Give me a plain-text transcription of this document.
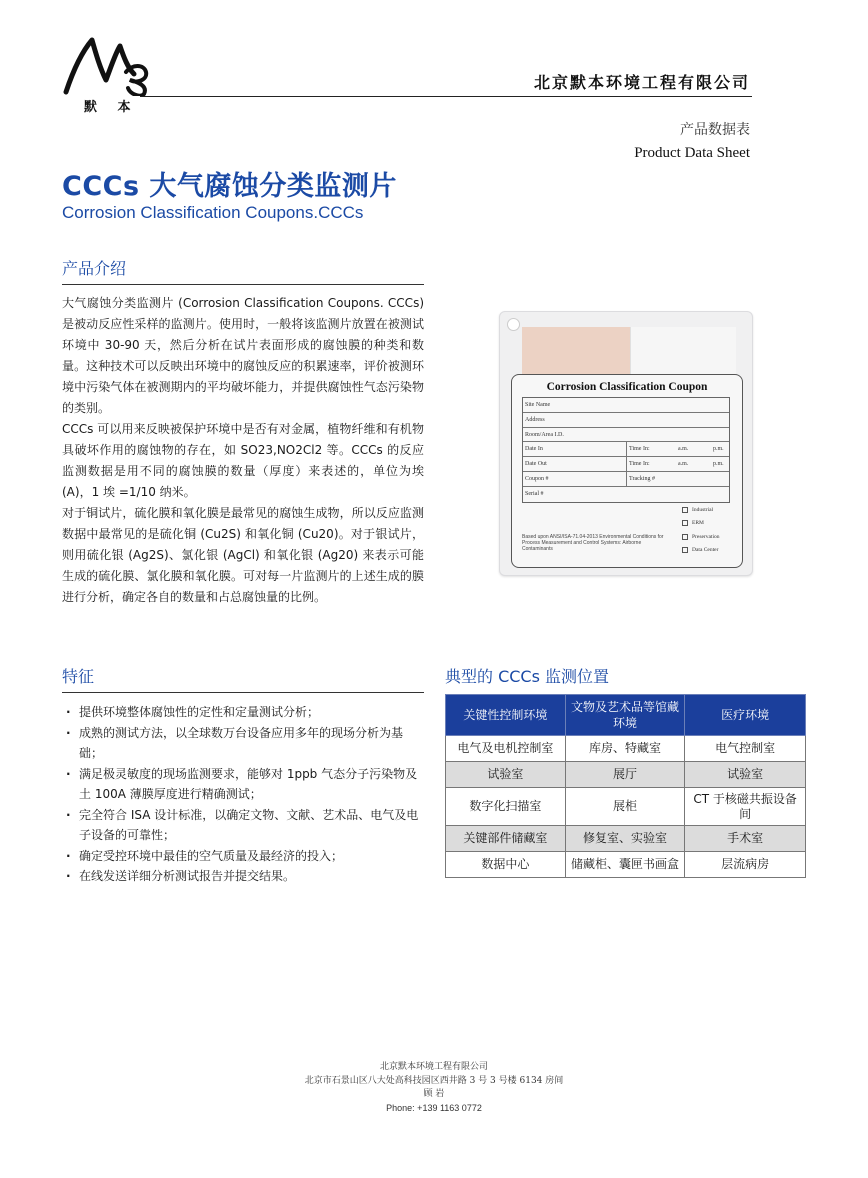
默 本
北京默本环境工程有限公司
产品数据表
Product Data Sheet
CCCs 大气腐蚀分类监测片
Corrosion Classification Coupons.CCCs
产品介绍

大气腐蚀分类监测片 (Corrosion Classification Coupons. CCCs) 是被动反应性采样的监测片。使用时，一般将该监测片放置在被测试环境中 30-90 天，然后分析在试片表面形成的腐蚀膜的种类和数量。这种技术可以反映出环境中的腐蚀反应的积累速率，评价被测环境中污染气体在被测期内的平均破坏能力，并提供腐蚀性气态污染物的类别。

CCCs 可以用来反映被保护环境中是否有对金属，植物纤维和有机物具破坏作用的腐蚀物的存在，如 SO23,NO2Cl2 等。CCCs 的反应监测数据是用不同的腐蚀膜的数量（厚度）来表述的，单位为埃 (A)，1 埃 =1/10 纳米。

对于铜试片，硫化膜和氧化膜是最常见的腐蚀生成物，所以反应监测数据中最常见的是硫化铜 (Cu2S) 和氧化铜 (Cu20)。对于银试片，则用硫化银 (Ag2S)、氯化银 (AgCl) 和氧化银 (Ag20) 来表示可能生成的硫化膜、氯化膜和氧化膜。可对每一片监测片的上述生成的膜进行分析，确定各自的数量和占总腐蚀量的比例。

Corrosion Classification Coupon
Site Name
Address
Room/Area I.D.
Date In	Time In:	a.m.	p.m.
Date Out	Time In:	a.m.	p.m.
Coupon #	Tracking #
Serial #
Industrial
ERM
Preservation
Data Center
Based upon ANSI/ISA-71.04-2013 Environmental Conditions for Process Measurement and Control Systems: Airborne Contaminants
特征
· 提供环境整体腐蚀性的定性和定量测试分析；
· 成熟的测试方法，以全球数万台设备应用多年的现场分析为基础；
· 满足极灵敏度的现场监测要求，能够对 1ppb 气态分子污染物及土 100A 薄膜厚度进行精确测试；
· 完全符合 ISA 设计标准，以确定文物、文献、艺术品、电气及电子设备的可靠性；
· 确定受控环境中最佳的空气质量及最经济的投入；
· 在线发送详细分析测试报告并提交结果。
典型的 CCCs 监测位置
关键性控制环境	文物及艺术品等馆藏环境	医疗环境
电气及电机控制室	库房、特藏室	电气控制室
试验室	展厅	试验室
数字化扫描室	展柜	CT 于核磁共振设备间
关键部件储藏室	修复室、实验室	手术室
数据中心	储藏柜、囊匣书画盒	层流病房
北京默本环境工程有限公司
北京市石景山区八大处高科技园区西井路 3 号 3 号楼 6134 房间
顾 岩
Phone: +139 1163 0772
